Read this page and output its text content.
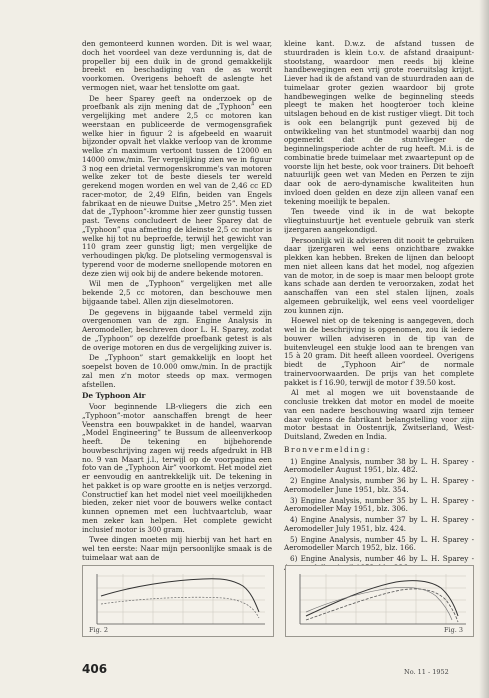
den gemonteerd kunnen worden. Dit is wel waar, doch het voordeel van deze verdunning is, dat de propeller bij een duik in de grond gemakkelijk breekt en beschadiging van de as wordt voorkomen. Overigens behoeft de aslengte het vermogen niet, waar het tenslotte om gaat.

De heer Sparey geeft na onderzoek op de proefbank als zijn mening dat de „Typhoon” een vergelijking met andere 2,5 cc motoren kan weerstaan en publiceerde de vermogensgrafiek welke hier in figuur 2 is afgebeeld en waaruit bijzonder opvalt het vlakke verloop van de kromme welke z'n maximum vertoont tussen de 12000 en 14000 omw./min. Ter vergelijking zien we in figuur 3 nog een drietal vermogenskromme's van motoren welke zeker tot de beste diesels ter wereld gerekend mogen worden en wel van de 2,46 cc ED racer-motor, de 2,49 Elfin, beiden van Engels fabrikaat en de nieuwe Duitse „Metro 25”. Men ziet dat de „Typhoon”-kromme hier zeer gunstig tussen past. Tevens concludeert de heer Sparey dat de „Typhoon” qua afmeting de kleinste 2,5 cc motor is welke hij tot nu beproefde, terwijl het gewicht van 110 gram zeer gunstig ligt; men vergelijke de verhoudingen pk/kg. De plotseling vermogensval is typerend voor de moderne snellopende motoren en deze zien wij ook bij de andere bekende motoren.

Wil men de „Typhoon” vergelijken met alle bekende 2,5 cc motoren, dan beschouwe men bijgaande tabel. Allen zijn dieselmotoren.

De gegevens in bijgaande tabel vermeld zijn overgenomen van de zgn. Engine Analysis in Aeromodeller, beschreven door L. H. Sparey, zodat de „Typhoon” op dezelfde proefbank getest is als de overige motoren en dus de vergelijking zuiver is.

De „Typhoon” start gemakkelijk en loopt het soepelst boven de 10.000 omw./min. In de practijk zal men z'n motor steeds op max. vermogen afstellen.

De Typhoon Air

Voor beginnende LB-vliegers die zich een „Typhoon”-motor aanschaffen brengt de heer Veenstra een bouwpakket in de handel, waarvan „Model Engineering” te Bussum de alleenverkoop heeft. De tekening en bijbehorende bouwbeschrijving zagen wij reeds afgedrukt in HB no. 9 van Maart j.l., terwijl op de voorpagina een foto van de „Typhoon Air” voorkomt. Het model ziet er eenvoudig en aantrekkelijk uit. De tekening in het pakket is op ware grootte en is netjes verzorgd. Constructief kan het model niet veel moeilijkheden bieden, zeker niet voor de bouwers welke contact kunnen opnemen met een luchtvaartclub, waar men zeker kan helpen. Het complete gewicht inclusief motor is 300 gram.

Twee dingen moeten mij hierbij van het hart en wel ten eerste: Naar mijn persoonlijke smaak is de tuimelaar wat aan de

kleine kant. D.w.z. de afstand tussen de stuurdraden is klein t.o.v. de afstand draaipunt-stootstang, waardoor men reeds bij kleine handbewegingen een vrij grote roeruitslag krijgt. Liever had ik de afstand van de stuurdraden aan de tuimelaar groter gezien waardoor bij grote handbewegingen welke de beginneling steeds pleegt te maken het hoogteroer toch kleine uitslagen behoud en de kist rustiger vliegt. Dit toch is ook een belangrijk punt gezeved bij de ontwikkeling van het stuntmodel waarbij dan nog opgemerkt dat de stuntvlieger de beginnelingsperiode achter de rug heeft. M.i. is de combinatie brede tuimelaar met zwaartepunt op de voorste lijn het beste, ook voor trainers. Dit behoeft natuurlijk geen wet van Meden en Perzen te zijn daar ook de aero-dynamische kwaliteiten hun invloed doen gelden en deze zijn alleen vanaf een tekening moeilijk te bepalen.

Ten tweede vind ik in de wat bekopte vliegtuinstuurtje het eventuele gebruik van sterk ijzergaren aangekondigd.

Persoonlijk wil ik adviseren dit nooit te gebruiken daar ijzergaren wel eens onzichtbare zwakke plekken kan hebben. Breken de lijnen dan beloopt men niet alleen kans dat het model, nog afgezien van de motor, in de soep is maar men beloopt grote kans schade aan derden te veroorzaken, zodat het aanschaffen van een stel stalen lijnen, zoals algemeen gebruikelijk, wel eens veel voordeliger zou kunnen zijn.

Hoewel niet op de tekening is aangegeven, doch wel in de beschrijving is opgenomen, zou ik iedere bouwer willen adviseren in de tip van de buitenvleugel een stukje lood aan te brengen van 15 à 20 gram. Dit heeft alleen voordeel. Overigens biedt de „Typhoon Air” de normale trainervoorwaarden. De prijs van het complete pakket is f 16.90, terwijl de motor f 39.50 kost.

Al met al mogen we uit bovenstaande de conclusie trekken dat motor en model de moeite van een nadere beschouwing waard zijn temeer daar volgens de fabrikant belangstelling voor zijn motor bestaat in Oostenrijk, Zwitserland, West-Duitsland, Zweden en India.

Bronvermelding:

1) Engine Analysis, number 38 by L. H. Sparey - Aeromodeller August 1951, blz. 482.

2) Engine Analysis, number 36 by L. H. Sparey - Aeromodeller June 1951, blz. 354.

3) Engine Analysis, number 35 by L. H. Sparey - Aeromodeller May 1951, blz. 306.

4) Engine Analysis, number 37 by L. H. Sparey - Aeromodeller July 1951, blz. 424.

5) Engine Analysis, number 45 by L. H. Sparey - Aeromodeller March 1952, blz. 166.

6) Engine Analysis, number 46 by L. H. Sparey -

Fig. 2	Fig. 3
406	No. 11 - 1952
